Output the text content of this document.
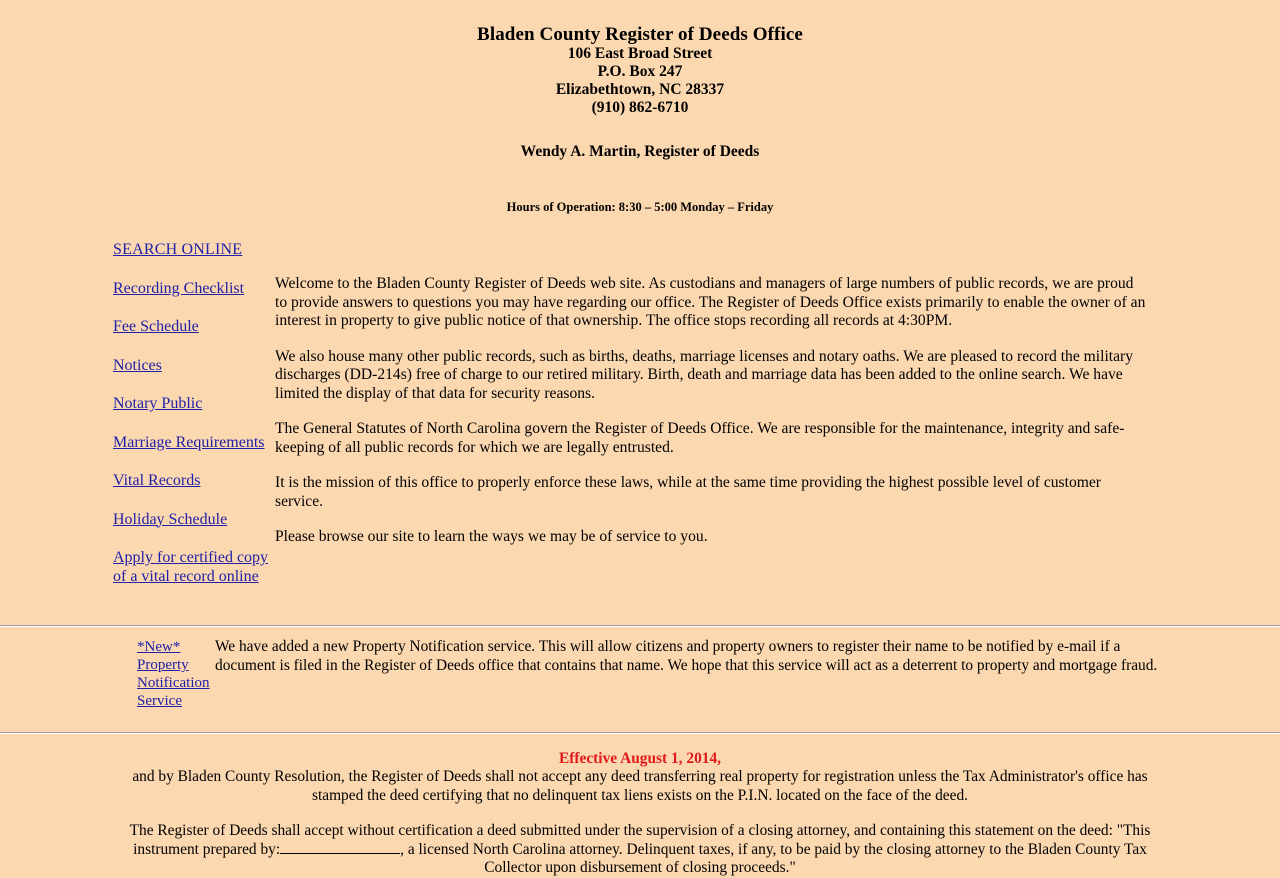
Bladen County Register of Deeds Office
106 East Broad Street
P.O. Box 247
Elizabethtown, NC 28337
(910) 862-6710
Wendy A. Martin, Register of Deeds
Hours of Operation: 8:30 – 5:00 Monday – Friday
SEARCH ONLINE
Recording Checklist
Fee Schedule
Notices
Notary Public
Marriage Requirements
Vital Records
Holiday Schedule
Apply for certified copy of a vital record online

Welcome to the Bladen County Register of Deeds web site. As custodians and managers of large numbers of public records, we are proud to provide answers to questions you may have regarding our office. The Register of Deeds Office exists primarily to enable the owner of an interest in property to give public notice of that ownership. The office stops recording all records at 4:30PM.

We also house many other public records, such as births, deaths, marriage licenses and notary oaths. We are pleased to record the military discharges (DD-214s) free of charge to our retired military. Birth, death and marriage data has been added to the online search. We have limited the display of that data for security reasons.

The General Statutes of North Carolina govern the Register of Deeds Office. We are responsible for the maintenance, integrity and safe- keeping of all public records for which we are legally entrusted.

It is the mission of this office to properly enforce these laws, while at the same time providing the highest possible level of customer service.

Please browse our site to learn the ways we may be of service to you.

*New* Property Notification Service

We have added a new Property Notification service. This will allow citizens and property owners to register their name to be notified by e-mail if a document is filed in the Register of Deeds office that contains that name. We hope that this service will act as a deterrent to property and mortgage fraud.

Effective August 1, 2014,

and by Bladen County Resolution, the Register of Deeds shall not accept any deed transferring real property for registration unless the Tax Administrator's office has stamped the deed certifying that no delinquent tax liens exists on the P.I.N. located on the face of the deed.

The Register of Deeds shall accept without certification a deed submitted under the supervision of a closing attorney, and containing this statement on the deed: "This instrument prepared by:	, a licensed North Carolina attorney. Delinquent taxes, if any, to be paid by the closing attorney to the Bladen County Tax Collector upon disbursement of closing proceeds."
